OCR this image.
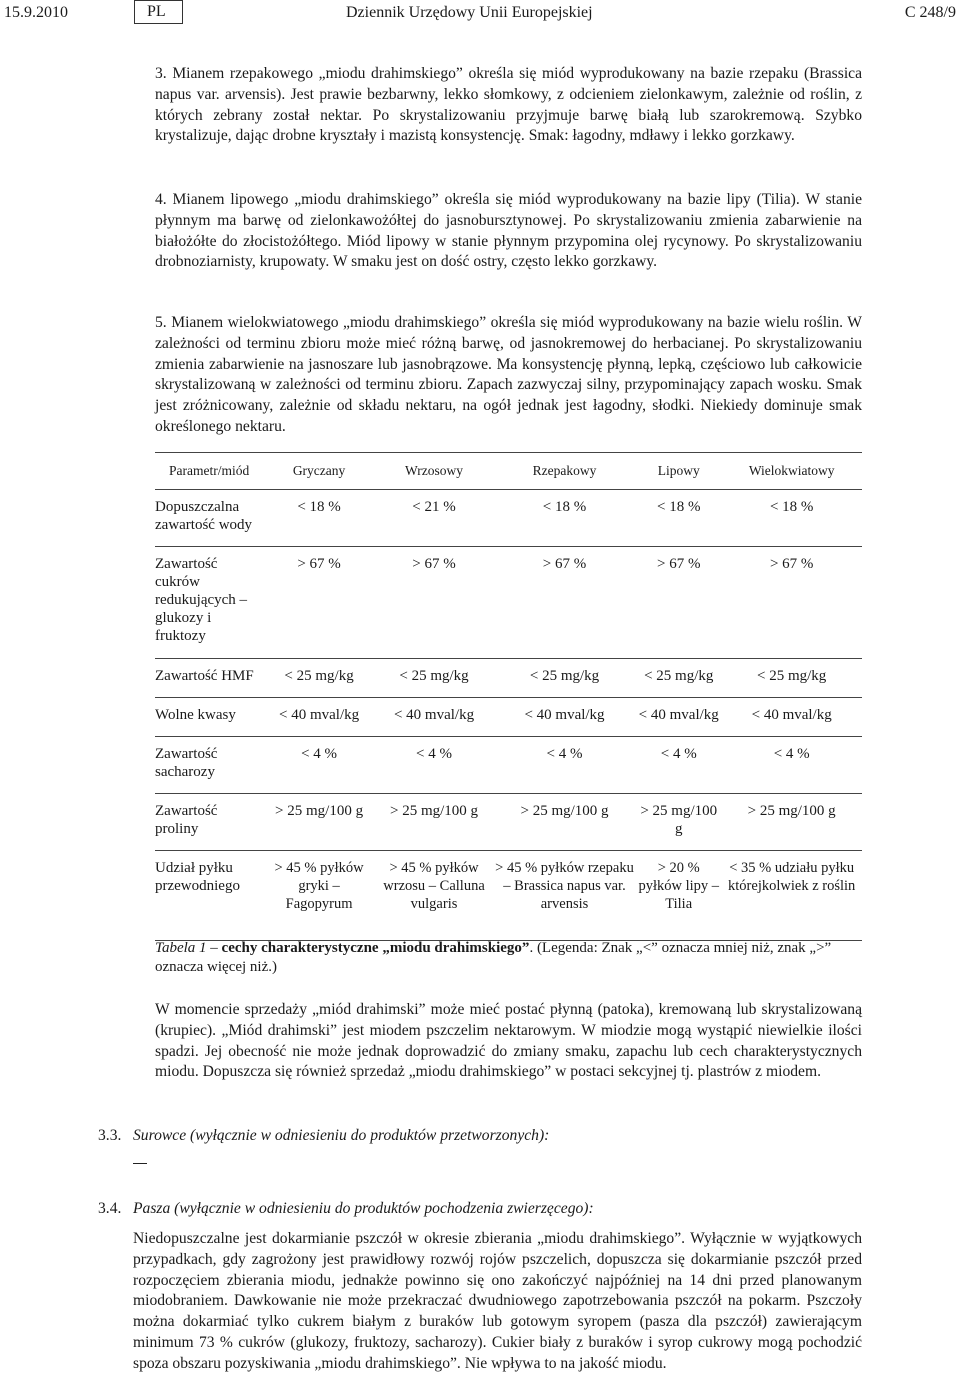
15.9.2010	PL	Dziennik Urzędowy Unii Europejskiej	C 248/9

3. Mianem rzepakowego „miodu drahimskiego” określa się miód wyprodukowany na bazie rzepaku (Brassica napus var. arvensis). Jest prawie bezbarwny, lekko słomkowy, z odcieniem zielonkawym, zależnie od roślin, z których zebrany został nektar. Po skrystalizowaniu przyjmuje barwę białą lub szarokremową. Szybko krystalizuje, dając drobne kryształy i mazistą konsystencję. Smak: łagodny, mdławy i lekko gorzkawy.

4. Mianem lipowego „miodu drahimskiego” określa się miód wyprodukowany na bazie lipy (Tilia). W stanie płynnym ma barwę od zielonkawożółtej do jasnobursztynowej. Po skrystalizowaniu zmienia zabarwienie na białożółte do złocistożółtego. Miód lipowy w stanie płynnym przypomina olej rycynowy. Po skrystalizowaniu drobnoziarnisty, krupowaty. W smaku jest on dość ostry, często lekko gorzkawy.

5. Mianem wielokwiatowego „miodu drahimskiego” określa się miód wyprodukowany na bazie wielu roślin. W zależności od terminu zbioru może mieć różną barwę, od jasnokremowej do herbacianej. Po skrystalizowaniu zmienia zabarwienie na jasnoszare lub jasnobrązowe. Ma konsystencję płynną, lepką, częściowo lub całkowicie skrystalizowaną w zależności od terminu zbioru. Zapach zazwyczaj silny, przypominający zapach wosku. Smak jest zróżnicowany, zależnie od składu nektaru, na ogół jednak jest łagodny, słodki. Niekiedy dominuje smak określonego nektaru.

Parametr/miód	Gryczany	Wrzosowy	Rzepakowy	Lipowy	Wielokwiatowy
Dopuszczalna zawartość wody	< 18 %	< 21 %	< 18 %	< 18 %	< 18 %
Zawartość cukrów redukujących – glukozy i fruktozy	> 67 %	> 67 %	> 67 %	> 67 %	> 67 %
Zawartość HMF	< 25 mg/kg	< 25 mg/kg	< 25 mg/kg	< 25 mg/kg	< 25 mg/kg
Wolne kwasy	< 40 mval/kg	< 40 mval/kg	< 40 mval/kg	< 40 mval/kg	< 40 mval/kg
Zawartość sacharozy	< 4 %	< 4 %	< 4 %	< 4 %	< 4 %
Zawartość proliny	> 25 mg/100 g	> 25 mg/100 g	> 25 mg/100 g	> 25 mg/100 g	> 25 mg/100 g
Udział pyłku przewodniego	> 45 % pyłków gryki – Fagopyrum	> 45 % pyłków wrzosu – Calluna vulgaris	> 45 % pyłków rzepaku – Brassica napus var. arvensis	> 20 % pyłków lipy – Tilia	< 35 % udziału pyłku którejkolwiek z roślin
Tabela 1 – cechy charakterystyczne „miodu drahimskiego”. (Legenda: Znak „<” oznacza mniej niż, znak „>” oznacza więcej niż.)

W momencie sprzedaży „miód drahimski” może mieć postać płynną (patoka), kremowaną lub skrystalizowaną (krupiec). „Miód drahimski” jest miodem pszczelim nektarowym. W miodzie mogą wystąpić niewielkie ilości spadzi. Jej obecność nie może jednak doprowadzić do zmiany smaku, zapachu lub cech charakterystycznych miodu. Dopuszcza się również sprzedaż „miodu drahimskiego” w postaci sekcyjnej tj. plastrów z miodem.

3.3. Surowce (wyłącznie w odniesieniu do produktów przetworzonych):
3.4. Pasza (wyłącznie w odniesieniu do produktów pochodzenia zwierzęcego):

Niedopuszczalne jest dokarmianie pszczół w okresie zbierania „miodu drahimskiego”. Wyłącznie w wyjątkowych przypadkach, gdy zagrożony jest prawidłowy rozwój rojów pszczelich, dopuszcza się dokarmianie pszczół przed rozpoczęciem zbierania miodu, jednakże powinno się ono zakończyć najpóźniej na 14 dni przed planowanym miodobraniem. Dawkowanie nie może przekraczać dwudniowego zapotrzebowania pszczół na pokarm. Pszczoły można dokarmiać tylko cukrem białym z buraków lub gotowym syropem (pasza dla pszczół) zawierającym minimum 73 % cukrów (glukozy, fruktozy, sacharozy). Cukier biały z buraków i syrop cukrowy mogą pochodzić spoza obszaru pozyskiwania „miodu drahimskiego”. Nie wpływa to na jakość miodu.
